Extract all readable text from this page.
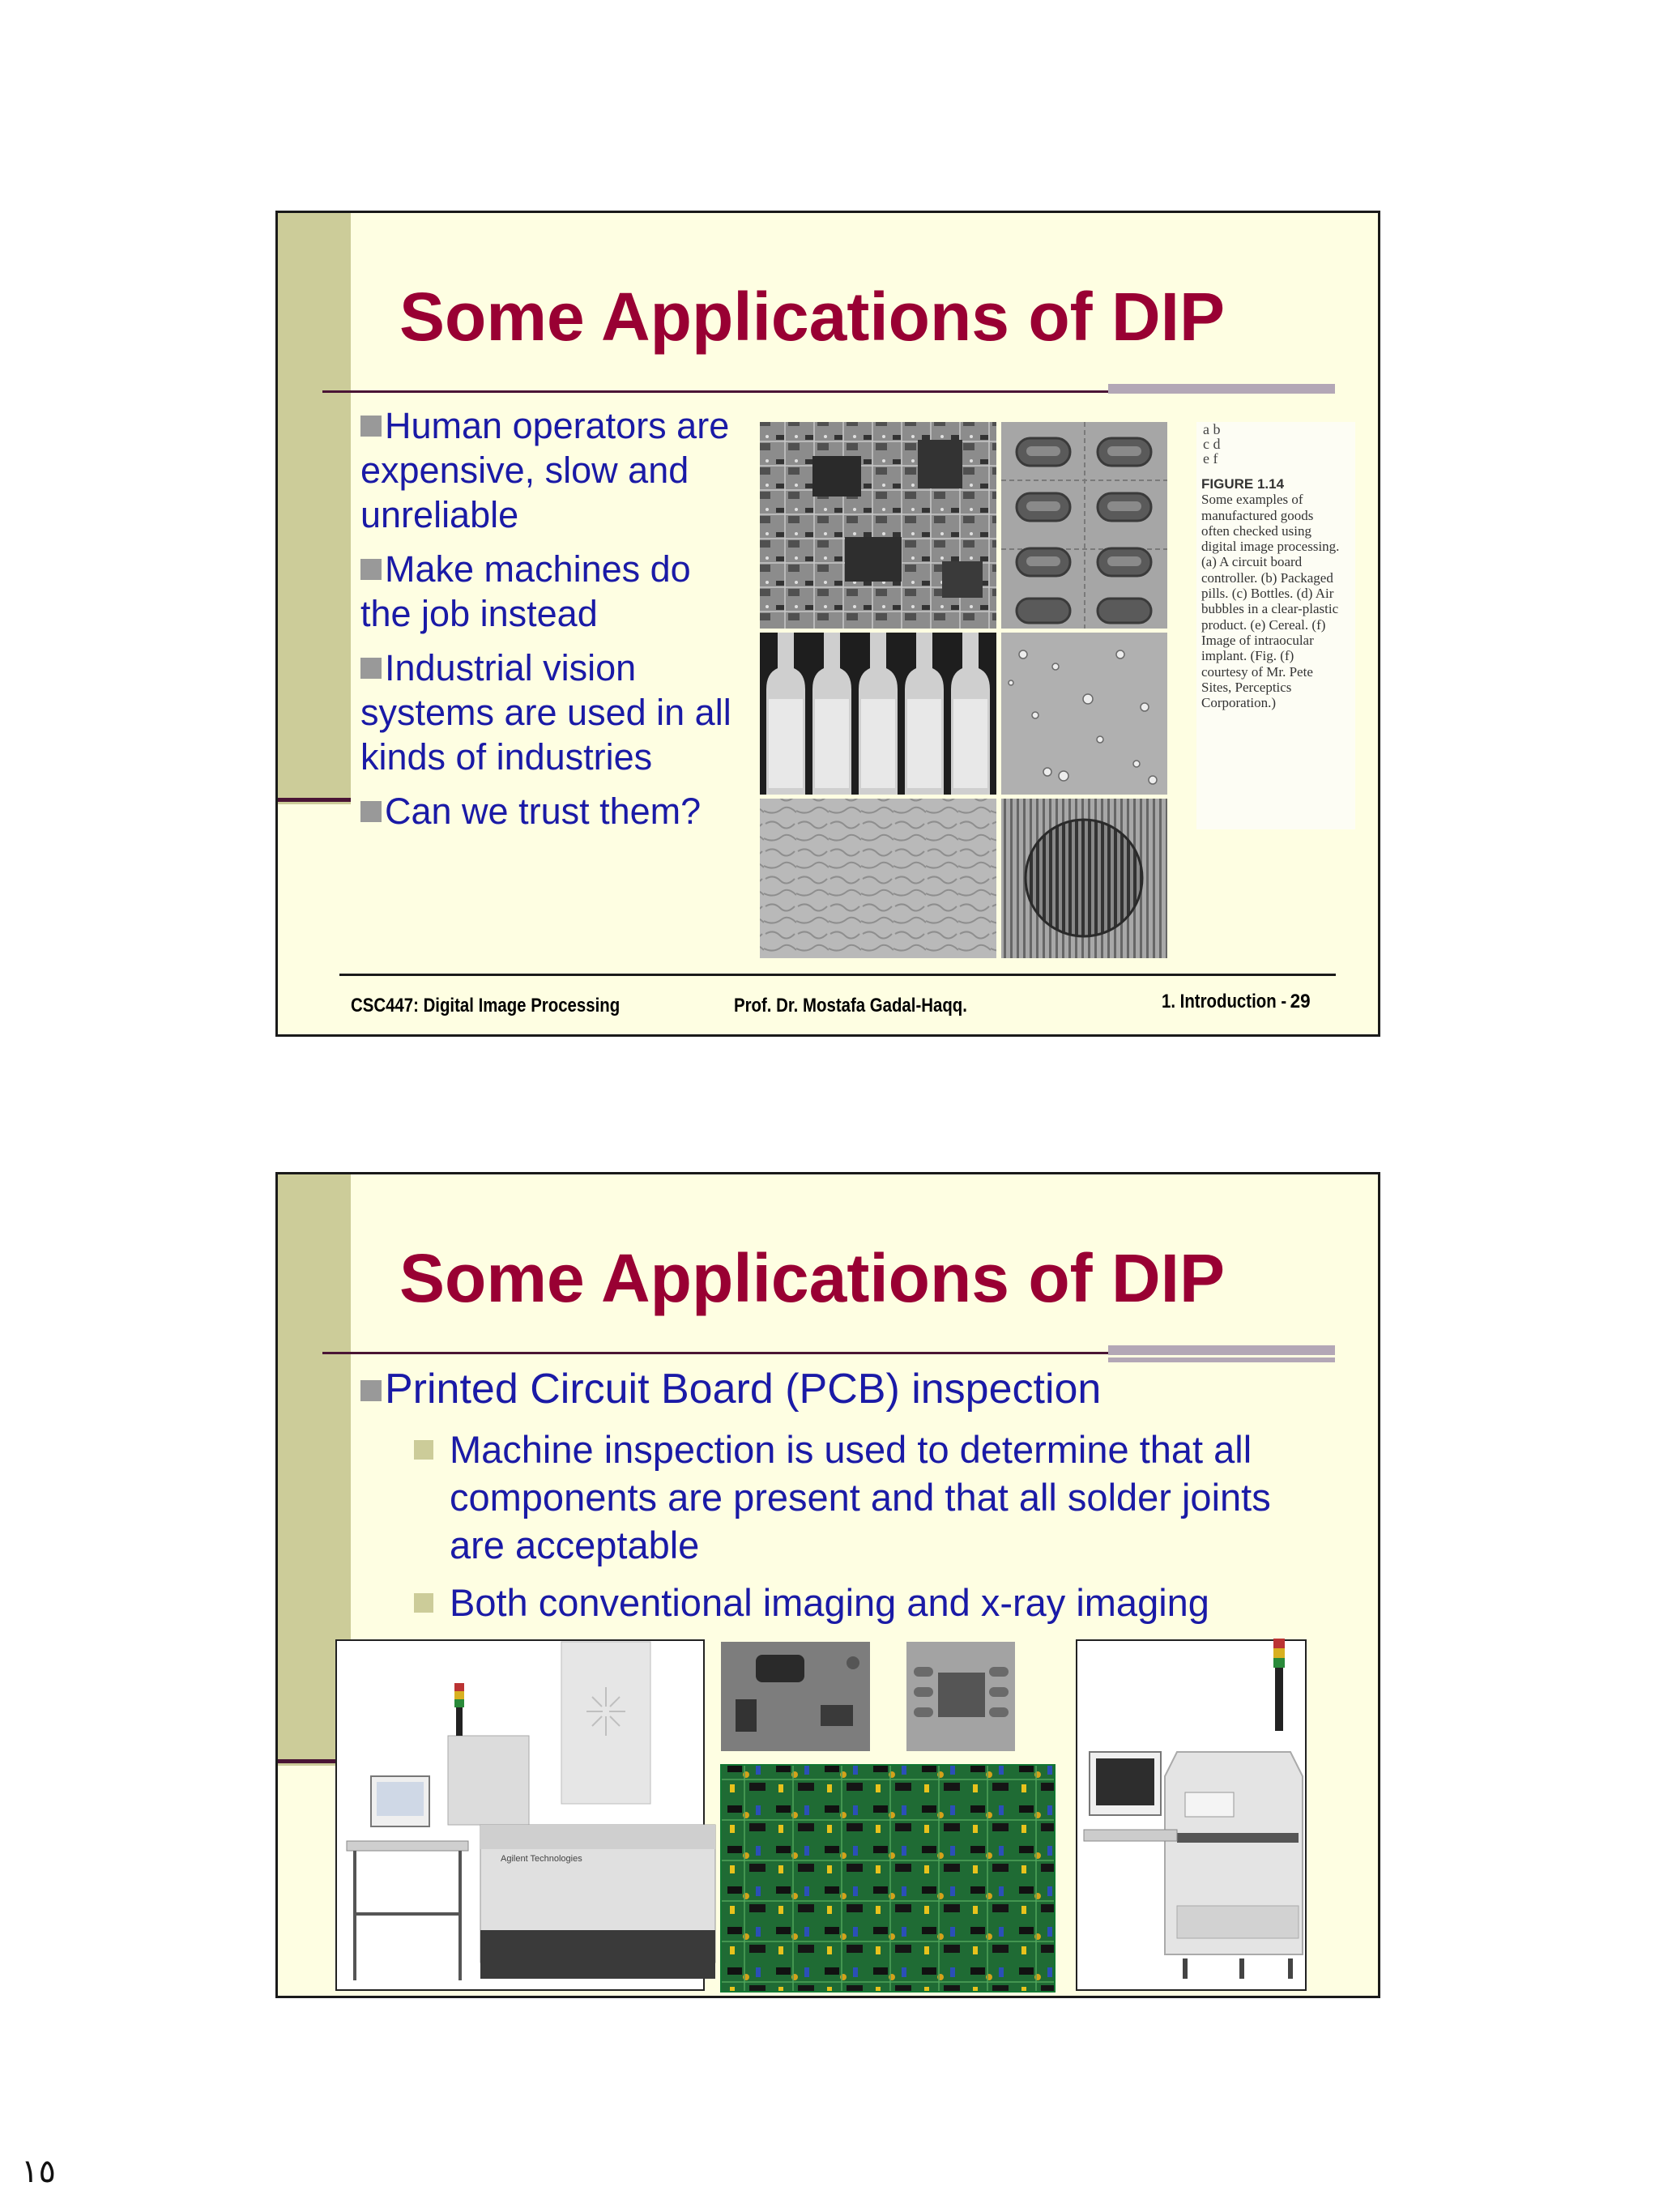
Some Applications of DIP
Human operators are expensive, slow and unreliable
Make machines do the job instead
Industrial vision systems are used in all kinds of industries
Can we trust them?
a b
c d
e f

FIGURE 1.14
Some examples of manufactured goods often checked using digital image processing. (a) A circuit board controller. (b) Packaged pills. (c) Bottles. (d) Air bubbles in a clear-plastic product. (e) Cereal. (f) Image of intraocular implant. (Fig. (f) courtesy of Mr. Pete Sites, Perceptics Corporation.)

CSC447: Digital Image Processing	Prof. Dr. Mostafa Gadal-Haqq.	1. Introduction - 29
Some Applications of DIP
Printed Circuit Board (PCB) inspection
Machine inspection is used to determine that all components are present and that all solder joints are acceptable
Both conventional imaging and x-ray imaging
Agilent Technologies
١٥
